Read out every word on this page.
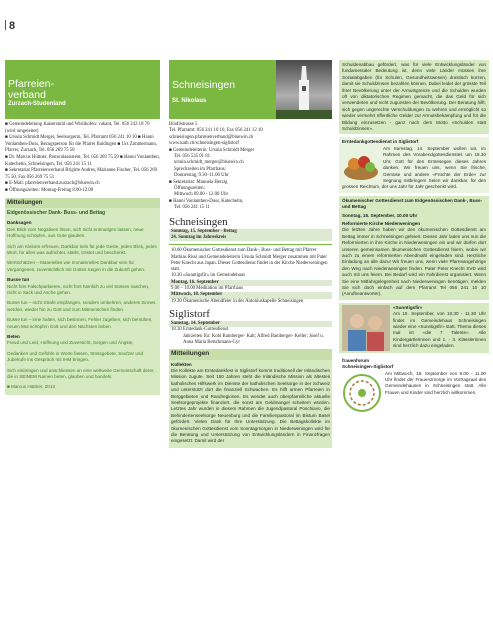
8
Pfarreien-
verband
Zurzach-Studenland
■ Gemeindeleitung Kaiserstuhl und Wislikofen: vakant, Tel. 056 243 18 70 (wird umgeleitet)
■ Ursula Schmidt Merger, Seelsorgerin, Tel. Pfarramt 056 241 10 10 ■ Hanni Vonlanthen-Duss, Bezugsperson für die Pfarrei Baldingen ■ Urs Zimmermann, Pfarrer, Zurzach, Tel. 056 269 75 50
■ Dr. Marcus Hüttner, Pastoralassistent, Tel. 056 269 75 59 ■ Hanni Vonlanthen, Katechetin, Schneisingen, Tel. 056 241 15 11
■ Sekretariat Pfarreienverband Brigitte Andres, Marianne Fischer, Tel. 056 269 75 50, Fax 056 269 75 51
■ E-Mail: pfarreienverband.zurzach@bluewin.ch
■ Öffnungszeiten: Montag-Freitag 8.00-12.00
Mitteilungen
Eidgenössischer Dank- Buss- und Bettag
Danksagen
Den Blick vom Negativen lösen, sich nicht entmutigen lassen, neue Hoffnung schöpfen, aus Gute glauben.
Sich am Kleinen erfreuen, Dankbar sein für jede Geste, jeden Blick, jedes Wort, für alles was aufrichtet, stärkt, tröstet und beschenkt.
Wertschätzen – Materielles wie Immaterielles Dankbar sein für Vergangenes, zuversichtlich mit Gottes Segen in die Zukunft gehen.
Busse tun
Nicht fürs Falschparkieren, nicht fürs hämlich zu viel Süsses naschen, nicht in Sack und Asche gehen.
Busse tun – nicht Strafe empfangen, sondern umkehren, anderes Sinnes werden, wieder hin zu Gott und zum Mitmenschen finden.
Busse tun – inne halten, sich besinnen, Fehler zugeben, sich bemühen, neuen Mut schöpfen Gott und den Nächsten lieben
Beten
Freud und Leid, Hoffnung und Zuversicht, Sorgen und Ängste,
Gedanken und Gefühle in Worte fassen, Stossgebete, Seufzer und Jubelrufe ins Gespräch mit IHM bringen.
Sich einbringen und anschliessen an eine weltweite Gemeinschaft derer, die in SEINEM Namen beten, glauben und handeln.
■ Marcus Hüttner, 2013
Schneisingen
St. Nikolaus
Bindlistrasse 5
Tel. Pfarramt: 056 241 10 10, Fax 056 241 12 10
schneisingen.pfarreienverband@bluewin.ch
www.kath.ch/schneisingen-siglistorf
■ Gemeindeleiterin: Ursula Schmidt Merger
Tel. 056 535 01 81
ursula.schmidt_merger@bluewin.ch
Sprechzeiten im Pfarrhaus:
Donnerstag, 9.30–11.00 Uhr
■ Sekretariat: Manuela Herzig
Öffnungszeiten:
Mittwoch 09.00 - 12.00 Uhr
■ Hanni Vonlanthen-Duss, Katechetin,
Tel. 056 241 15 11
Schneisingen
Sonntag, 15. September - Bettag
24. Sonntag im Jahreskreis
10.00 Ökumenischer Gottesdienst zum Dank-, Buss- und Bettag mit Pfarrer Mathias Rissi und Gemeindeleiterin Ursula Schmidt Merger zusammen mit Pater Peter Knecht aus Japan. Dieser Gottesdienst findet in der Kirche Niederweningen statt.
10.30 «Sunntigsfir» im Gemeindehaus
Montag, 16. September
9.00 – 10.00 Meditation im Pfarrhaus
Mittwoch, 18. September
19.30 Ökumenische Abendfeier in der Antoniuskapelle Schneisingen
Siglistorf
Samstag, 14. September
18.30 Erntedank-Gottesdienst
Jahrzeiten für: Kobi Bamberger- Kalt; Alfred Bamberger- Keller; Josef u. Anna Maria Betschmann-Gyr
Mitteilungen
Kollekten
Die Kollekte am Erntedankfest in Siglistorf kommt traditionell der Inländischen Mission zugute. Seit 150 Jahren steht die Inländische Mission als ältestes katholisches Hilfswerk im Dienste der katholischen Seelsorge in der Schweiz und unterstützt dort die finanziell Schwachen. Es hilft armen Pfarreien in Berggebieten und Randregionen. Es wendet auch überpfarreiliche aktuelle Seelsorgeprojekte finanziert, die sonst am Geldmangel scheitern würden. Letztes Jahr wurden in diesem Rahmen die Jugendpastoral Poschiavo, die Behindertenseelsorge Neuenburg und die Familienpastoral im Bistum Basel gefördert. Vielen Dank für Ihre Unterstützung. Die Bettagskollekte im ökumenischen Gottesdienst vom Sonntagmorgen in Niederweningen wird für die Beratung und Unterstützung von Entwicklungsländern in Finanzfragen eingesetzt. Damit wird der
Schuldenabbau gefördert, was für viele Entwicklungsländer von fundamentaler Bedeutung ist, denn viele Länder müssen ihre Sozialabgaben (für Schulen, Gesundheitswesen) drastisch kürzen, damit sie Schuldzinsen bezahlen können. Dabei leidet der grösste Teil ihrer Bevölkerung unter der Armutsgrenze und die Schulden wurden oft von diktatorischen Regimen gemacht, die das Geld für sich verwendeten und nicht zugunsten der Bevölkerung. Der Beratung hilft, sich gegen ungerechte Verschuldungen zu wehren und ermöglicht so wieder vermehrt öffentliche Gelder zur Armutsbekämpfung und für die Bildung einzusetzen - ganz nach dem Motto «Schulden statt Schuldzinsen».
Erntedankgottesdienst in Siglistorf
Am Samstag, 14. September wollen wir, im Rahmen des Vorabendgottesdienstes um 18.30 Uhr, Gott für den Erntesegen dieses Jahres danken. Wir freuen uns, wenn Sie frische, Gemüse und andere «Früchte der Erde» zur Segnung mitbringen! Seien wir dankbar, für den grossen Reichtum, der uns Jahr für Jahr geschenkt wird.
Ökumenischer Gottesdienst zum Eidgenössischen Dank-, Buss- und Bettag
Sonntag, 15. September, 10.00 Uhr
Reformierte Kirche Niederweningen
Die letzten Jahre haben wir den ökumenischen Gottesdienst am Bettag immer in Schneisingen gefeiert. Dieses Jahr laden uns nun die Reformierten in ihre Kirche in Niederweningen ein und wir dürfen dort unseren gemeinsamen ökumenischen Gottesdienst feiern, wobei wir auch zu einem reformierten Abendmahl eingeladen sind. Herzliche Einladung an alle dazu! Wir freuen uns, wenn viele Pfarreiangehörige den Weg nach Niederweningen finden. Pater Peter Knecht SVD wird auch mit uns feiern. Bei Bedarf wird ein Fahrdienst organisiert. Wenn Sie eine Mitfahrgelegenheit nach Niederweningen benötigen, melden Sie sich doch einfach auf dem Pfarramt Tel 056 241 10 10 (Anrufbeantworter).
«Sunntigsfir»
Am 15. September, von 10.30 - 11.30 Uhr findet im Gemeindehaus Schneisingen wieder eine «Sunntigsfir» statt. Thema dieses mal ist «die 7 Talente». Alle Kindergärtlerinnen und 1. - 3. Klässlerinnen sind herzlich dazu eingeladen.
frauenforum
Schneisingen-Siglistorf
Am Mittwoch, 18. September von 9.00 - 11.00 Uhr findet der Frauenzmorge im Vortragsaal des Gemeindehauses in Schneisingen statt. Alle Frauen und Kinder sind herzlich willkommen.
